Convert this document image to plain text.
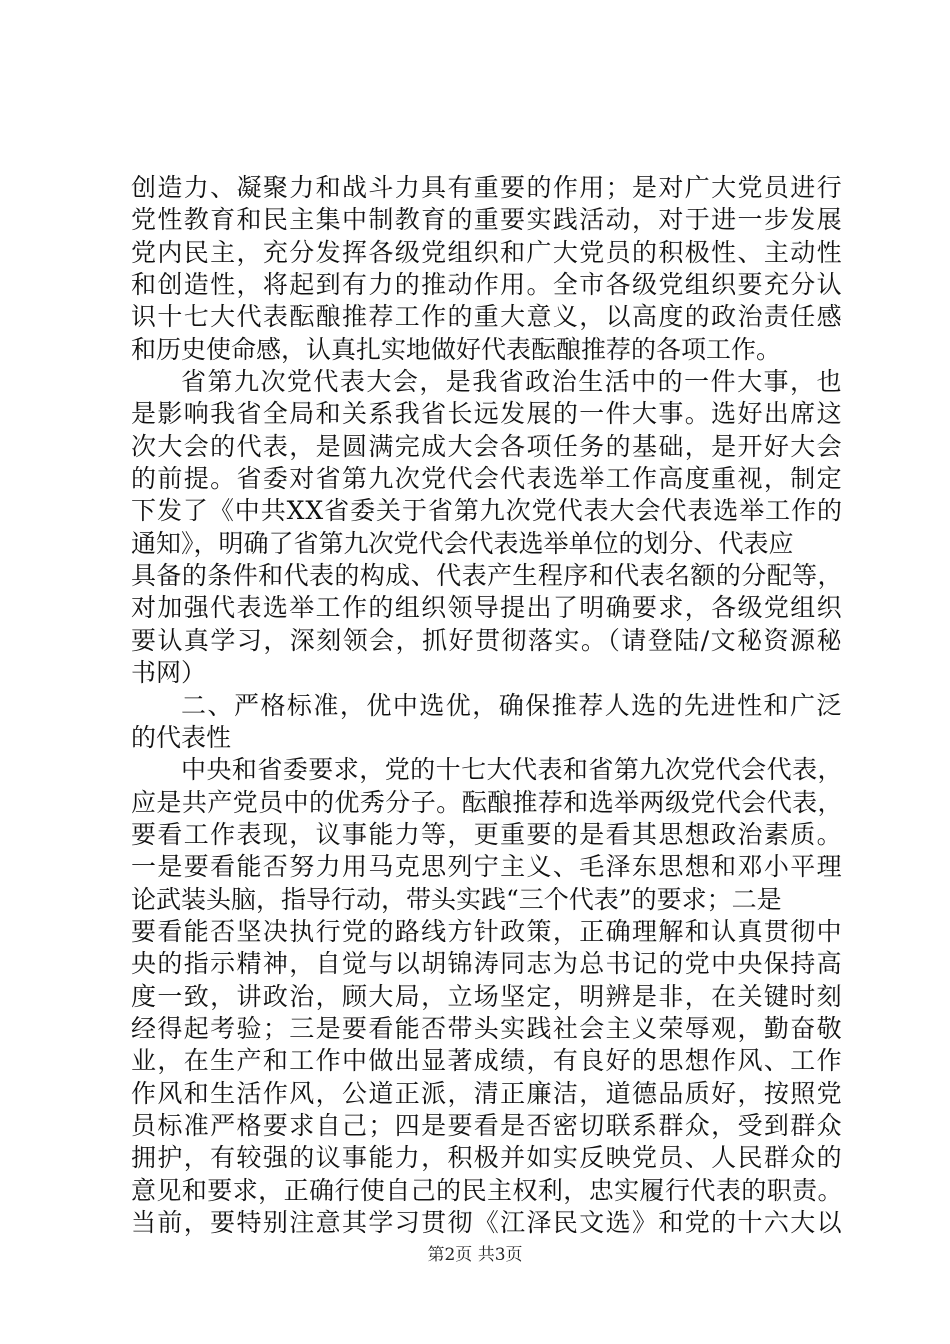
创造力、凝聚力和战斗力具有重要的作用；是对广大党员进行
党性教育和民主集中制教育的重要实践活动，对于进一步发展
党内民主，充分发挥各级党组织和广大党员的积极性、主动性
和创造性，将起到有力的推动作用。全市各级党组织要充分认
识十七大代表酝酿推荐工作的重大意义，以高度的政治责任感
和历史使命感，认真扎实地做好代表酝酿推荐的各项工作。
省第九次党代表大会，是我省政治生活中的一件大事，也
是影响我省全局和关系我省长远发展的一件大事。选好出席这
次大会的代表，是圆满完成大会各项任务的基础，是开好大会
的前提。省委对省第九次党代会代表选举工作高度重视，制定
下发了《中共XX省委关于省第九次党代表大会代表选举工作的
通知》，明确了省第九次党代会代表选举单位的划分、代表应
具备的条件和代表的构成、代表产生程序和代表名额的分配等，
对加强代表选举工作的组织领导提出了明确要求，各级党组织
要认真学习，深刻领会，抓好贯彻落实。（请登陆/文秘资源秘
书网）
二、严格标准，优中选优，确保推荐人选的先进性和广泛
的代表性
中央和省委要求，党的十七大代表和省第九次党代会代表，
应是共产党员中的优秀分子。酝酿推荐和选举两级党代会代表，
要看工作表现，议事能力等，更重要的是看其思想政治素质。
一是要看能否努力用马克思列宁主义、毛泽东思想和邓小平理
论武装头脑，指导行动，带头实践“三个代表”的要求；二是
要看能否坚决执行党的路线方针政策，正确理解和认真贯彻中
央的指示精神，自觉与以胡锦涛同志为总书记的党中央保持高
度一致，讲政治，顾大局，立场坚定，明辨是非，在关键时刻
经得起考验；三是要看能否带头实践社会主义荣辱观，勤奋敬
业，在生产和工作中做出显著成绩，有良好的思想作风、工作
作风和生活作风，公道正派，清正廉洁，道德品质好，按照党
员标准严格要求自己；四是要看是否密切联系群众，受到群众
拥护，有较强的议事能力，积极并如实反映党员、人民群众的
意见和要求，正确行使自己的民主权利，忠实履行代表的职责。
当前，要特别注意其学习贯彻《江泽民文选》和党的十六大以
第2页 共3页
